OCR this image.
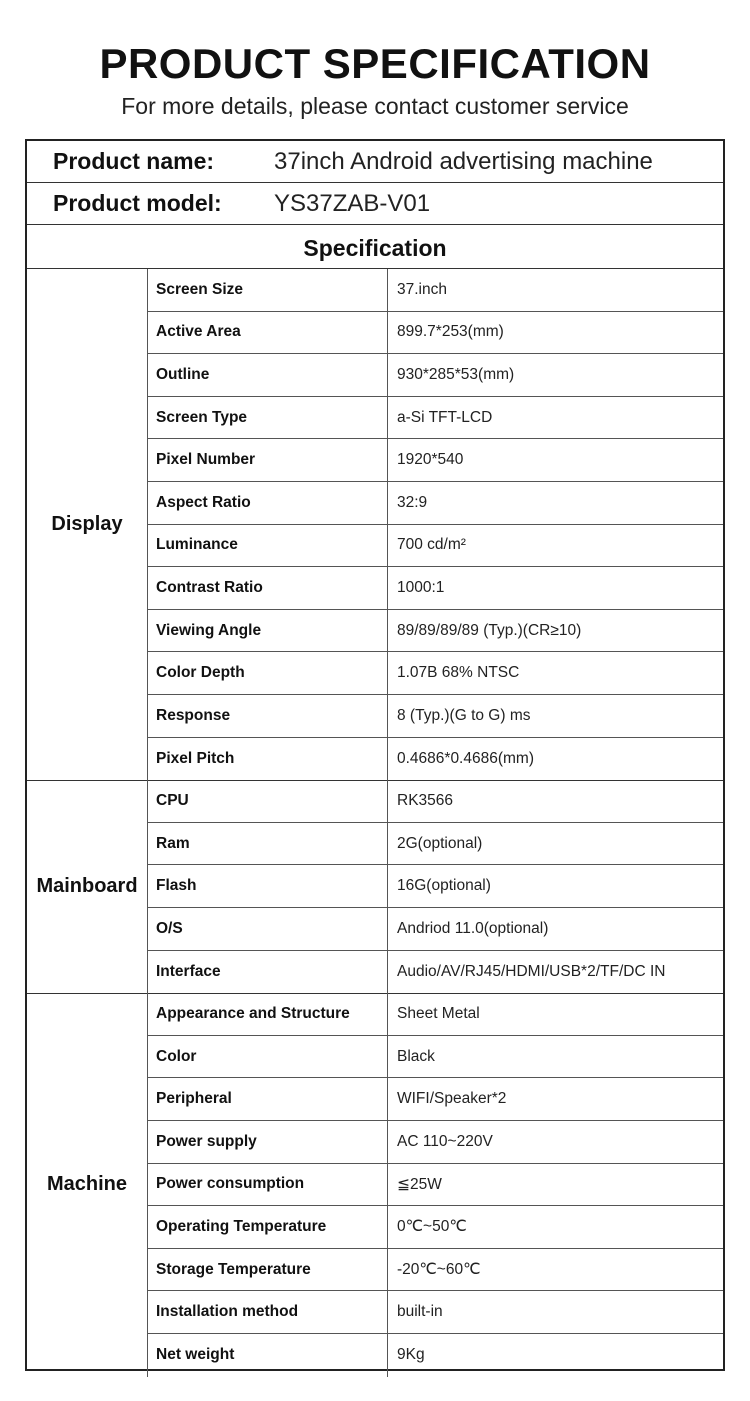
PRODUCT SPECIFICATION
For more details, please contact customer service
Product name: 37inch Android advertising machine
Product model: YS37ZAB-V01
Specification
Display
Screen Size	37.inch
Active Area	899.7*253(mm)
Outline	930*285*53(mm)
Screen Type	a-Si TFT-LCD
Pixel Number	1920*540
Aspect Ratio	32:9
Luminance	700 cd/m²
Contrast Ratio	1000:1
Viewing Angle	89/89/89/89 (Typ.)(CR≥10)
Color Depth	1.07B 68% NTSC
Response	8 (Typ.)(G to G) ms
Pixel Pitch	0.4686*0.4686(mm)
Mainboard
CPU	RK3566
Ram	2G(optional)
Flash	16G(optional)
O/S	Andriod 11.0(optional)
Interface	Audio/AV/RJ45/HDMI/USB*2/TF/DC IN
Machine
Appearance and Structure	Sheet Metal
Color	Black
Peripheral	WIFI/Speaker*2
Power supply	AC 110~220V
Power consumption	≦25W
Operating Temperature	0℃~50℃
Storage Temperature	-20℃~60℃
Installation method	built-in
Net weight	9Kg
